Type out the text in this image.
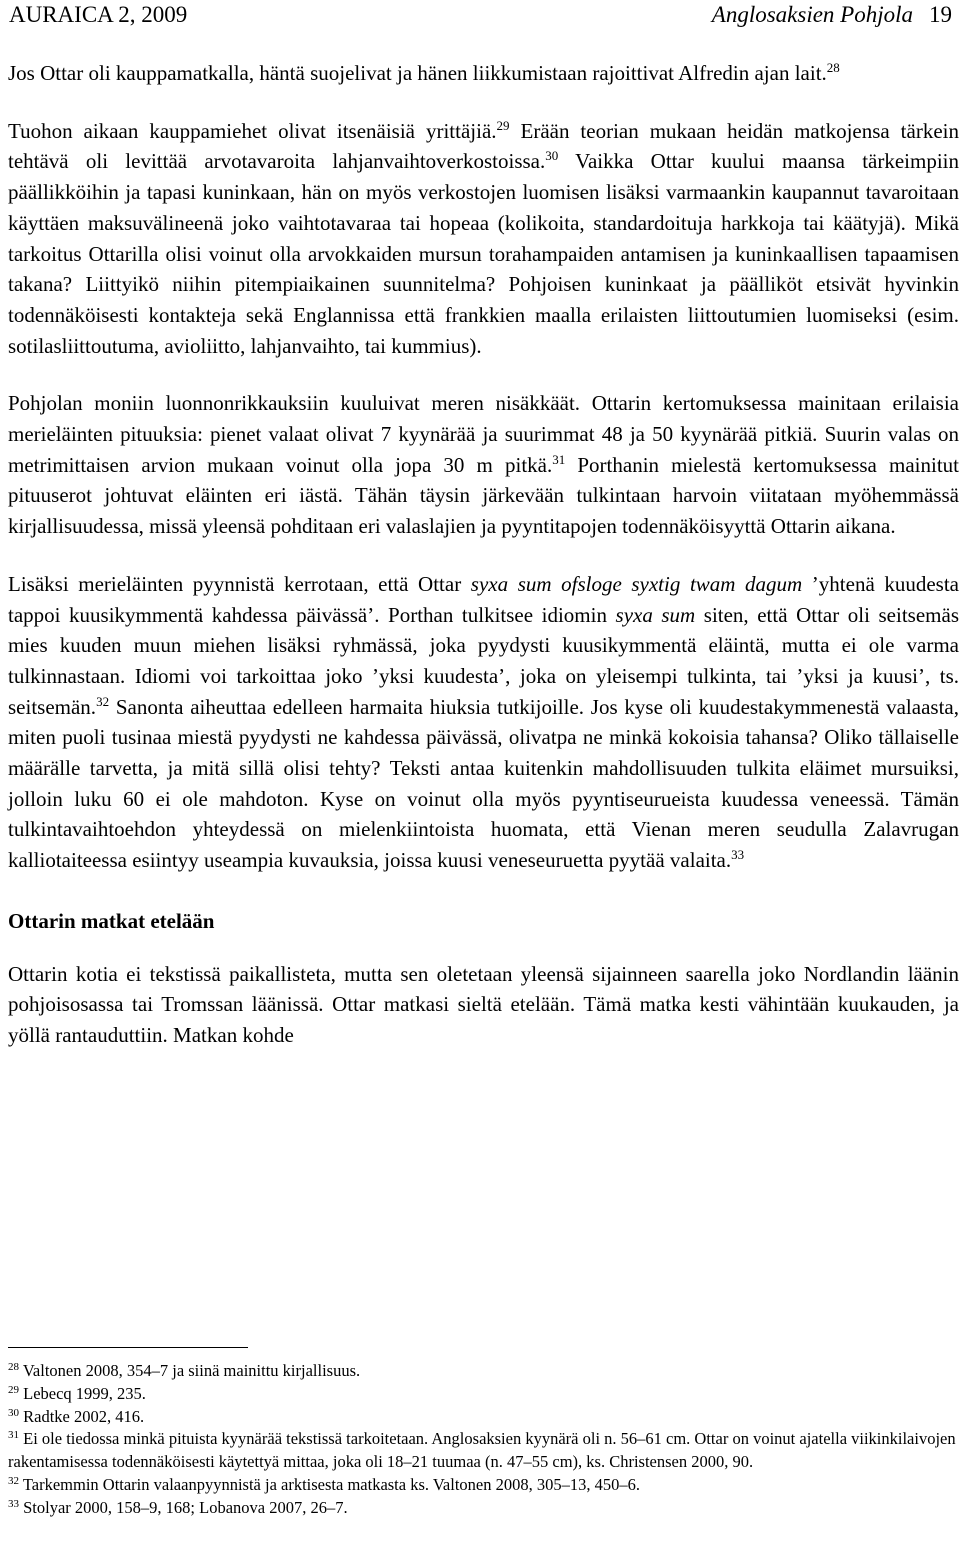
AURAICA 2, 2009	Anglosaksien Pohjola 19

Jos Ottar oli kauppamatkalla, häntä suojelivat ja hänen liikkumistaan rajoittivat Alfredin ajan lait.$^{28}$

Tuohon aikaan kauppamiehet olivat itsenäisiä yrittäjiä.$^{29}$ Erään teorian mukaan heidän matkojensa tärkein tehtävä oli levittää arvotavaroita lahjanvaihtoverkostoissa.$^{30}$ Vaikka Ottar kuului maansa tärkeimpiin päällikköihin ja tapasi kuninkaan, hän on myös verkostojen luomisen lisäksi varmaankin kaupannut tavaroitaan käyttäen maksuvälineenä joko vaihtotavaraa tai hopeaa (kolikoita, standardoituja harkkoja tai käätyjä). Mikä tarkoitus Ottarilla olisi voinut olla arvokkaiden mursun torahampaiden antamisen ja kuninkaallisen tapaamisen takana? Liittyikö niihin pitempiaikainen suunnitelma? Pohjoisen kuninkaat ja päälliköt etsivät hyvinkin todennäköisesti kontakteja sekä Englannissa että frankkien maalla erilaisten liittoutumien luomiseksi (esim. sotilasliittoutuma, avioliitto, lahjanvaihto, tai kummius).

Pohjolan moniin luonnonrikkauksiin kuuluivat meren nisäkkäät. Ottarin kertomuksessa mainitaan erilaisia merieläinten pituuksia: pienet valaat olivat 7 kyynärää ja suurimmat 48 ja 50 kyynärää pitkiä. Suurin valas on metrimittaisen arvion mukaan voinut olla jopa 30 m pitkä.$^{31}$ Porthanin mielestä kertomuksessa mainitut pituuserot johtuvat eläinten eri iästä. Tähän täysin järkevään tulkintaan harvoin viitataan myöhemmässä kirjallisuudessa, missä yleensä pohditaan eri valaslajien ja pyyntitapojen todennäköisyyttä Ottarin aikana.

Lisäksi merieläinten pyynnistä kerrotaan, että Ottar syxa sum ofsloge syxtig twam dagum ’yhtenä kuudesta tappoi kuusikymmentä kahdessa päivässä’. Porthan tulkitsee idiomin syxa sum siten, että Ottar oli seitsemäs mies kuuden muun miehen lisäksi ryhmässä, joka pyydysti kuusikymmentä eläintä, mutta ei ole varma tulkinnastaan. Idiomi voi tarkoittaa joko ’yksi kuudesta’, joka on yleisempi tulkinta, tai ’yksi ja kuusi’, ts. seitsemän.$^{32}$ Sanonta aiheuttaa edelleen harmaita hiuksia tutkijoille. Jos kyse oli kuudestakymmenestä valaasta, miten puoli tusinaa miestä pyydysti ne kahdessa päivässä, olivatpa ne minkä kokoisia tahansa? Oliko tällaiselle määrälle tarvetta, ja mitä sillä olisi tehty? Teksti antaa kuitenkin mahdollisuuden tulkita eläimet mursuiksi, jolloin luku 60 ei ole mahdoton. Kyse on voinut olla myös pyyntiseurueista kuudessa veneessä. Tämän tulkintavaihtoehdon yhteydessä on mielenkiintoista huomata, että Vienan meren seudulla Zalavrugan kalliotaiteessa esiintyy useampia kuvauksia, joissa kuusi veneseuruetta pyytää valaita.$^{33}$

Ottarin matkat etelään

Ottarin kotia ei tekstissä paikallisteta, mutta sen oletetaan yleensä sijainneen saarella joko Nordlandin läänin pohjoisosassa tai Tromssan läänissä. Ottar matkasi sieltä etelään. Tämä matka kesti vähintään kuukauden, ja yöllä rantauduttiin. Matkan kohde

$^{28}$ Valtonen 2008, 354–7 ja siinä mainittu kirjallisuus.
$^{29}$ Lebecq 1999, 235.
$^{30}$ Radtke 2002, 416.
$^{31}$ Ei ole tiedossa minkä pituista kyynärää tekstissä tarkoitetaan. Anglosaksien kyynärä oli n. 56–61 cm. Ottar on voinut ajatella viikinkilaivojen rakentamisessa todennäköisesti käytettyä mittaa, joka oli 18–21 tuumaa (n. 47–55 cm), ks. Christensen 2000, 90.
$^{32}$ Tarkemmin Ottarin valaanpyynnistä ja arktisesta matkasta ks. Valtonen 2008, 305–13, 450–6.
$^{33}$ Stolyar 2000, 158–9, 168; Lobanova 2007, 26–7.
